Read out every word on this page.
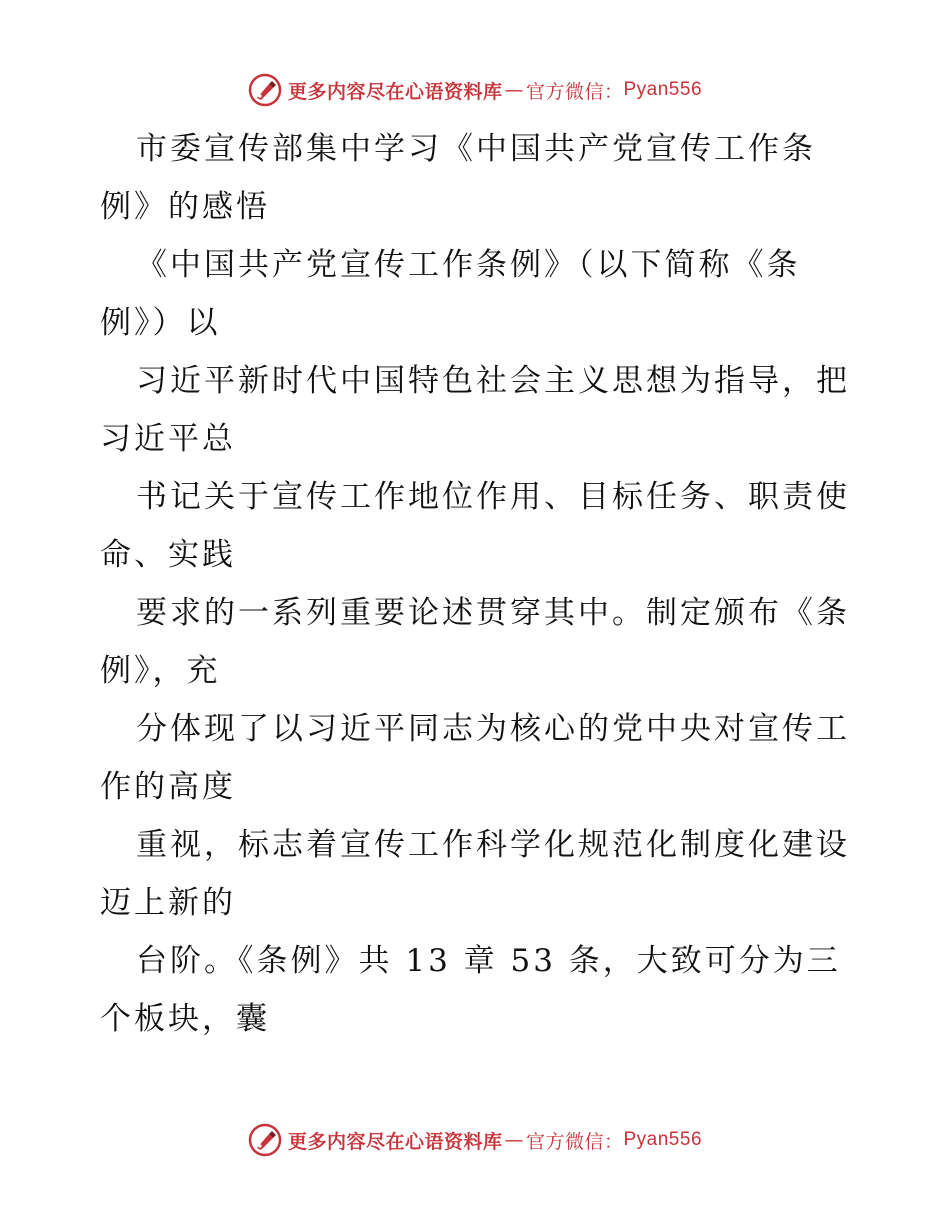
更多内容尽在心语资料库 — 官方微信： Pyan556

市委宣传部集中学习《中国共产党宣传工作条

例》的感悟

《中国共产党宣传工作条例》（以下简称《条

例》）以

习近平新时代中国特色社会主义思想为指导，把

习近平总

书记关于宣传工作地位作用、目标任务、职责使

命、实践

要求的一系列重要论述贯穿其中。制定颁布《条

例》，充

分体现了以习近平同志为核心的党中央对宣传工

作的高度

重视，标志着宣传工作科学化规范化制度化建设

迈上新的

台阶。《条例》共 13 章 53 条，大致可分为三

个板块，囊

更多内容尽在心语资料库 — 官方微信： Pyan556
